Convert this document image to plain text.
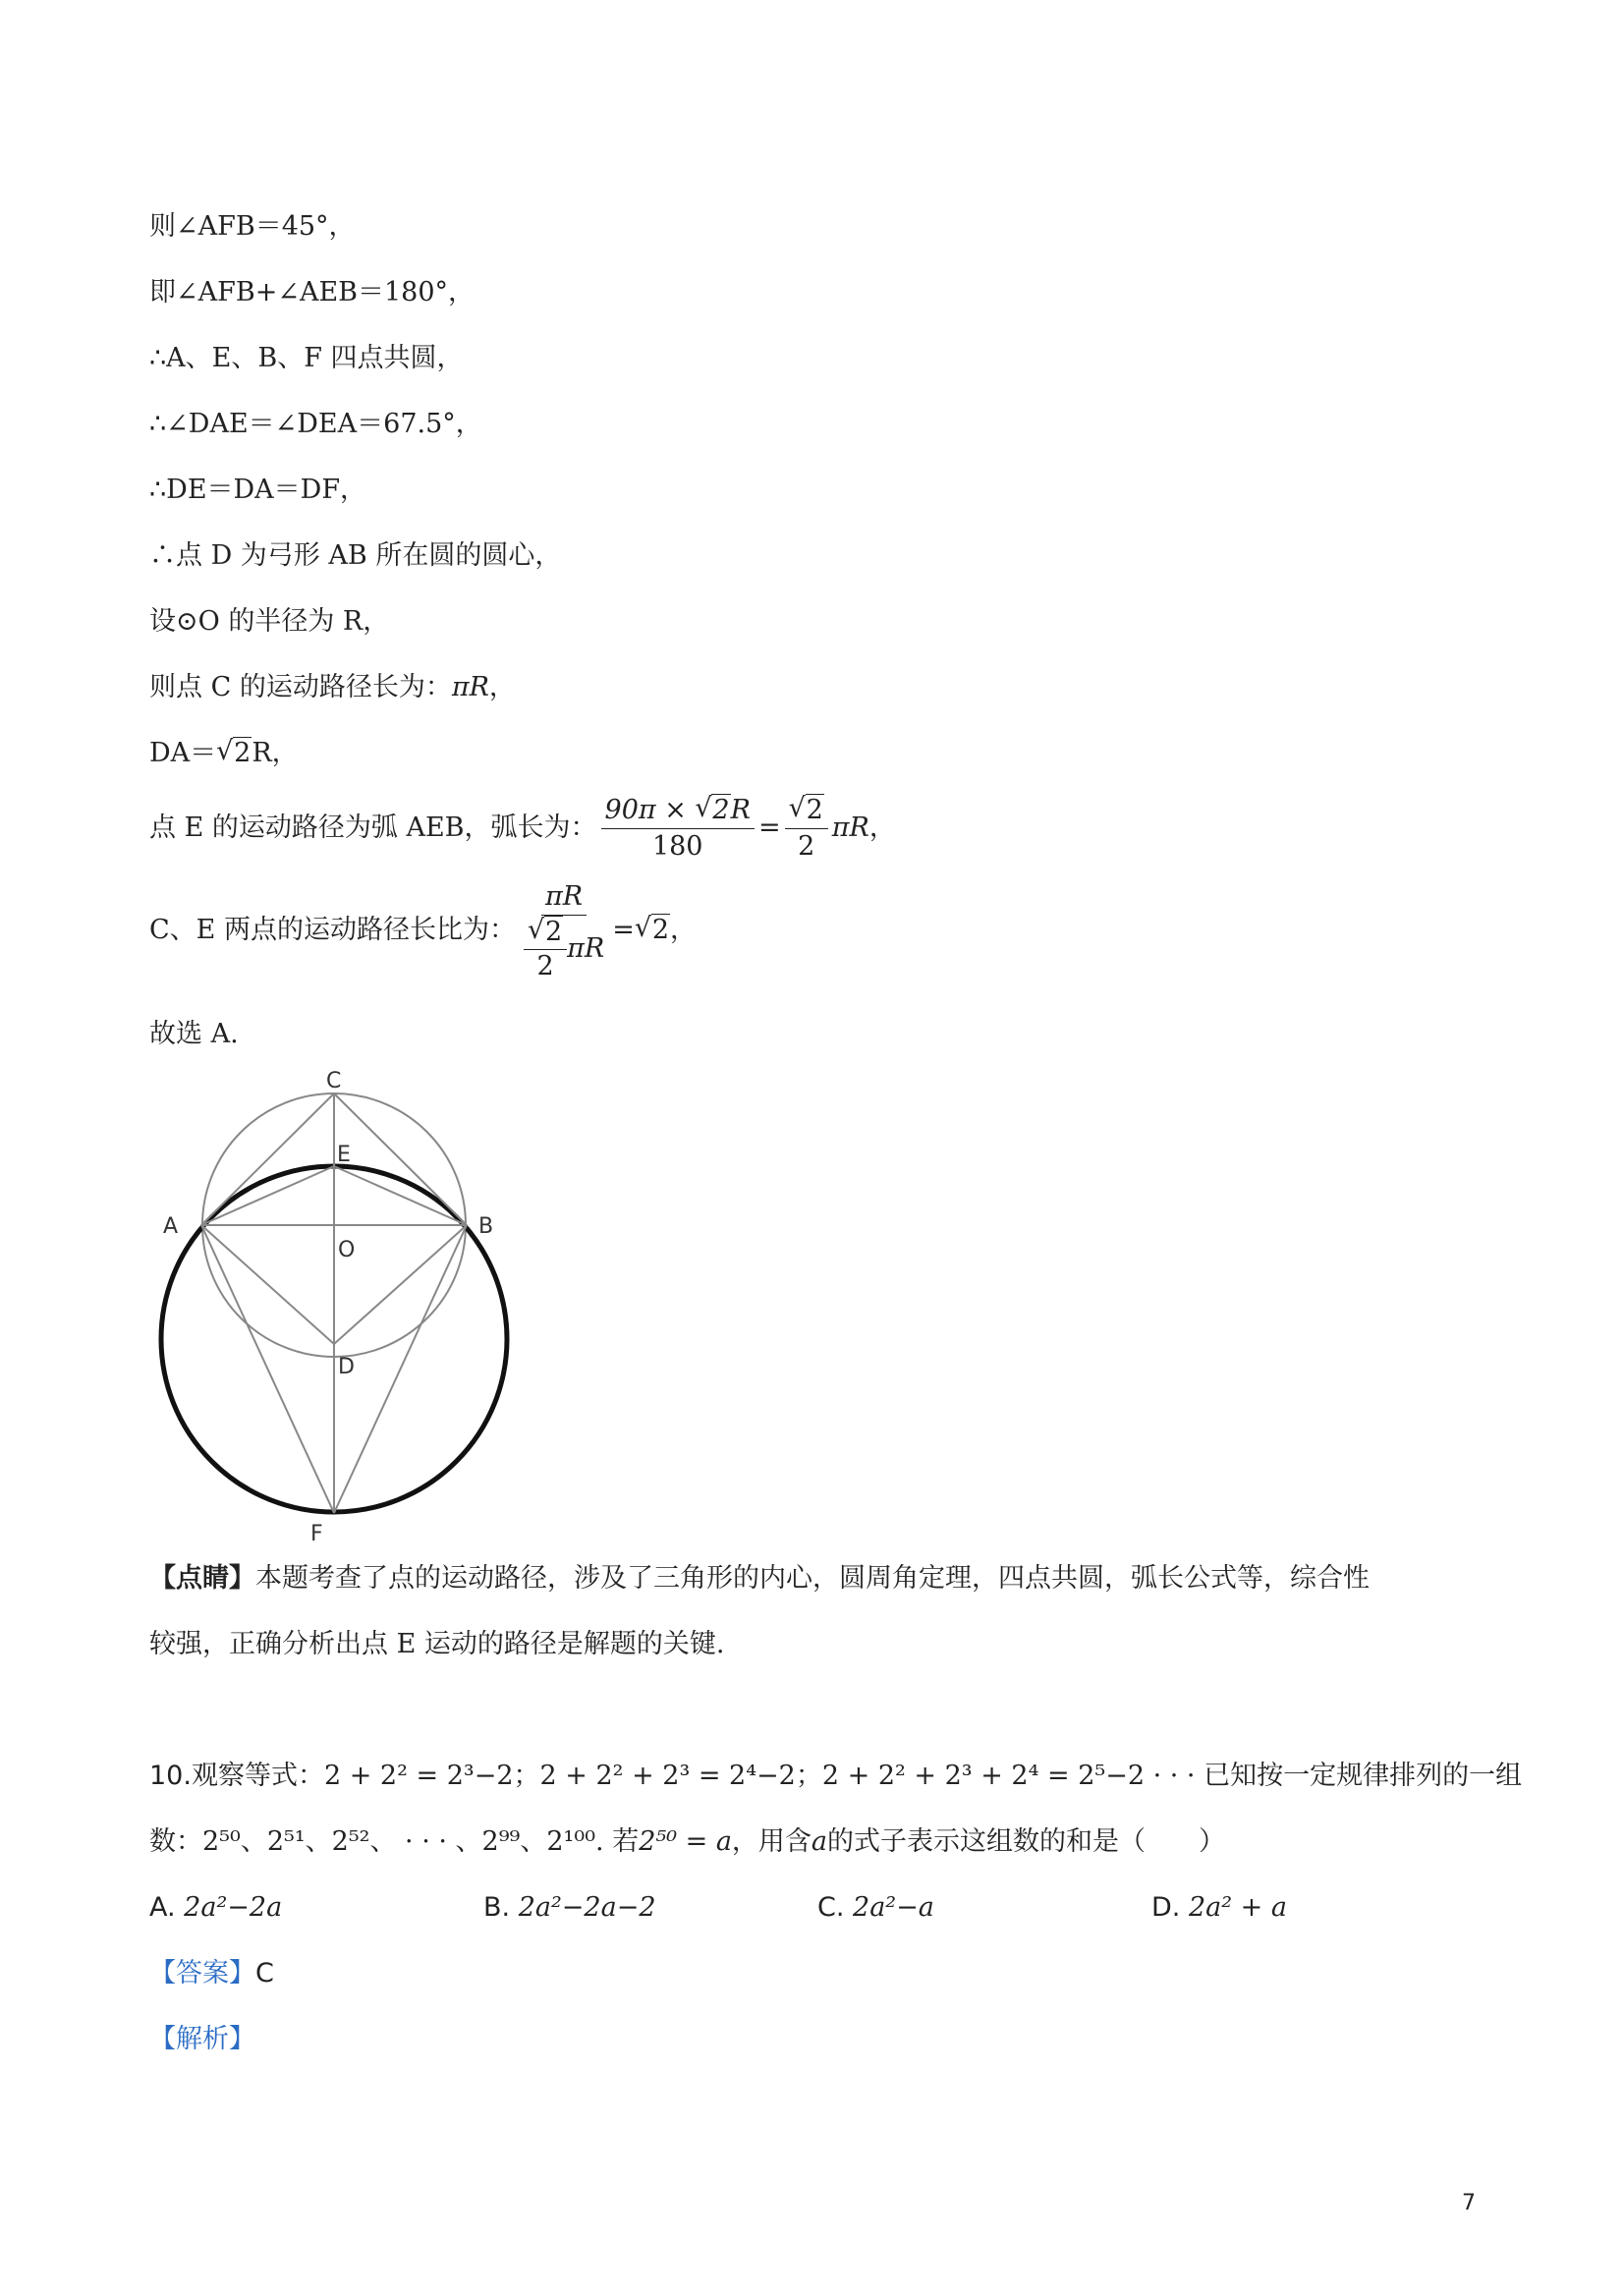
则∠AFB＝45°，
即∠AFB+∠AEB＝180°，
∴A、E、B、F 四点共圆，
∴∠DAE＝∠DEA＝67.5°，
∴DE＝DA＝DF，
∴点 D 为弓形 AB 所在圆的圆心，
设⊙O 的半径为 R，
则点 C 的运动路径长为：πR，
DA＝ √ 2R，
点 E 的运动路径为弧 AEB，弧长为： $\frac{90\pi \times √ 2R}{180}$ = √ $\frac{2}{2}$ πR，
C、E 两点的运动路径长比为： πR
√ $\frac{2}{2}$ πR = √ 2，
故选 A.
C
E
A	B
O
D
F
【点睛】本题考查了点的运动路径，涉及了三角形的内心，圆周角定理，四点共圆，弧长公式等，综合性
较强，正确分析出点 E 运动的路径是解题的关键.
10.观察等式：2 + 2² = 2³−2；2 + 2² + 2³ = 2⁴−2；2 + 2² + 2³ + 2⁴ = 2⁵−2 · · · 已知按一定规律排列的一组
数：2⁵⁰、2⁵¹、2⁵²、 · · · 、2⁹⁹、2¹⁰⁰. 若2⁵⁰ = a，用含a的式子表示这组数的和是（　　）
A. 2a²−2a	B. 2a²−2a−2	C. 2a²−a	D. 2a² + a
【答案】C
【解析】
7
